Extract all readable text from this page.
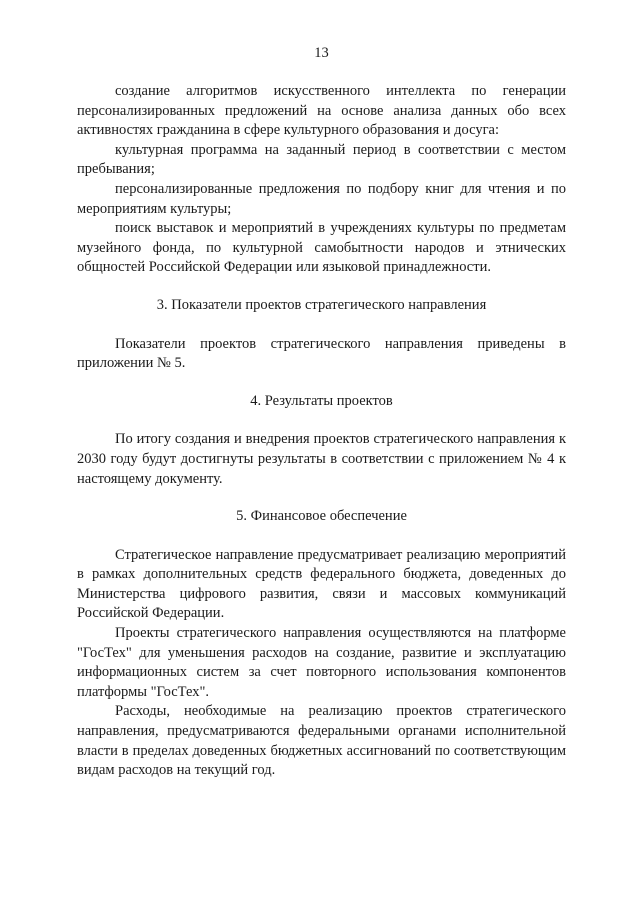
13

создание алгоритмов искусственного интеллекта по генерации персонализированных предложений на основе анализа данных обо всех активностях гражданина в сфере культурного образования и досуга:

культурная программа на заданный период в соответствии с местом пребывания;

персонализированные предложения по подбору книг для чтения и по мероприятиям культуры;

поиск выставок и мероприятий в учреждениях культуры по предметам музейного фонда, по культурной самобытности народов и этнических общностей Российской Федерации или языковой принадлежности.

3. Показатели проектов стратегического направления

Показатели проектов стратегического направления приведены в приложении № 5.

4. Результаты проектов

По итогу создания и внедрения проектов стратегического направления к 2030 году будут достигнуты результаты в соответствии с приложением № 4 к настоящему документу.

5. Финансовое обеспечение

Стратегическое направление предусматривает реализацию мероприятий в рамках дополнительных средств федерального бюджета, доведенных до Министерства цифрового развития, связи и массовых коммуникаций Российской Федерации.

Проекты стратегического направления осуществляются на платформе "ГосТех" для уменьшения расходов на создание, развитие и эксплуатацию информационных систем за счет повторного использования компонентов платформы "ГосТех".

Расходы, необходимые на реализацию проектов стратегического направления, предусматриваются федеральными органами исполнительной власти в пределах доведенных бюджетных ассигнований по соответствующим видам расходов на текущий год.
